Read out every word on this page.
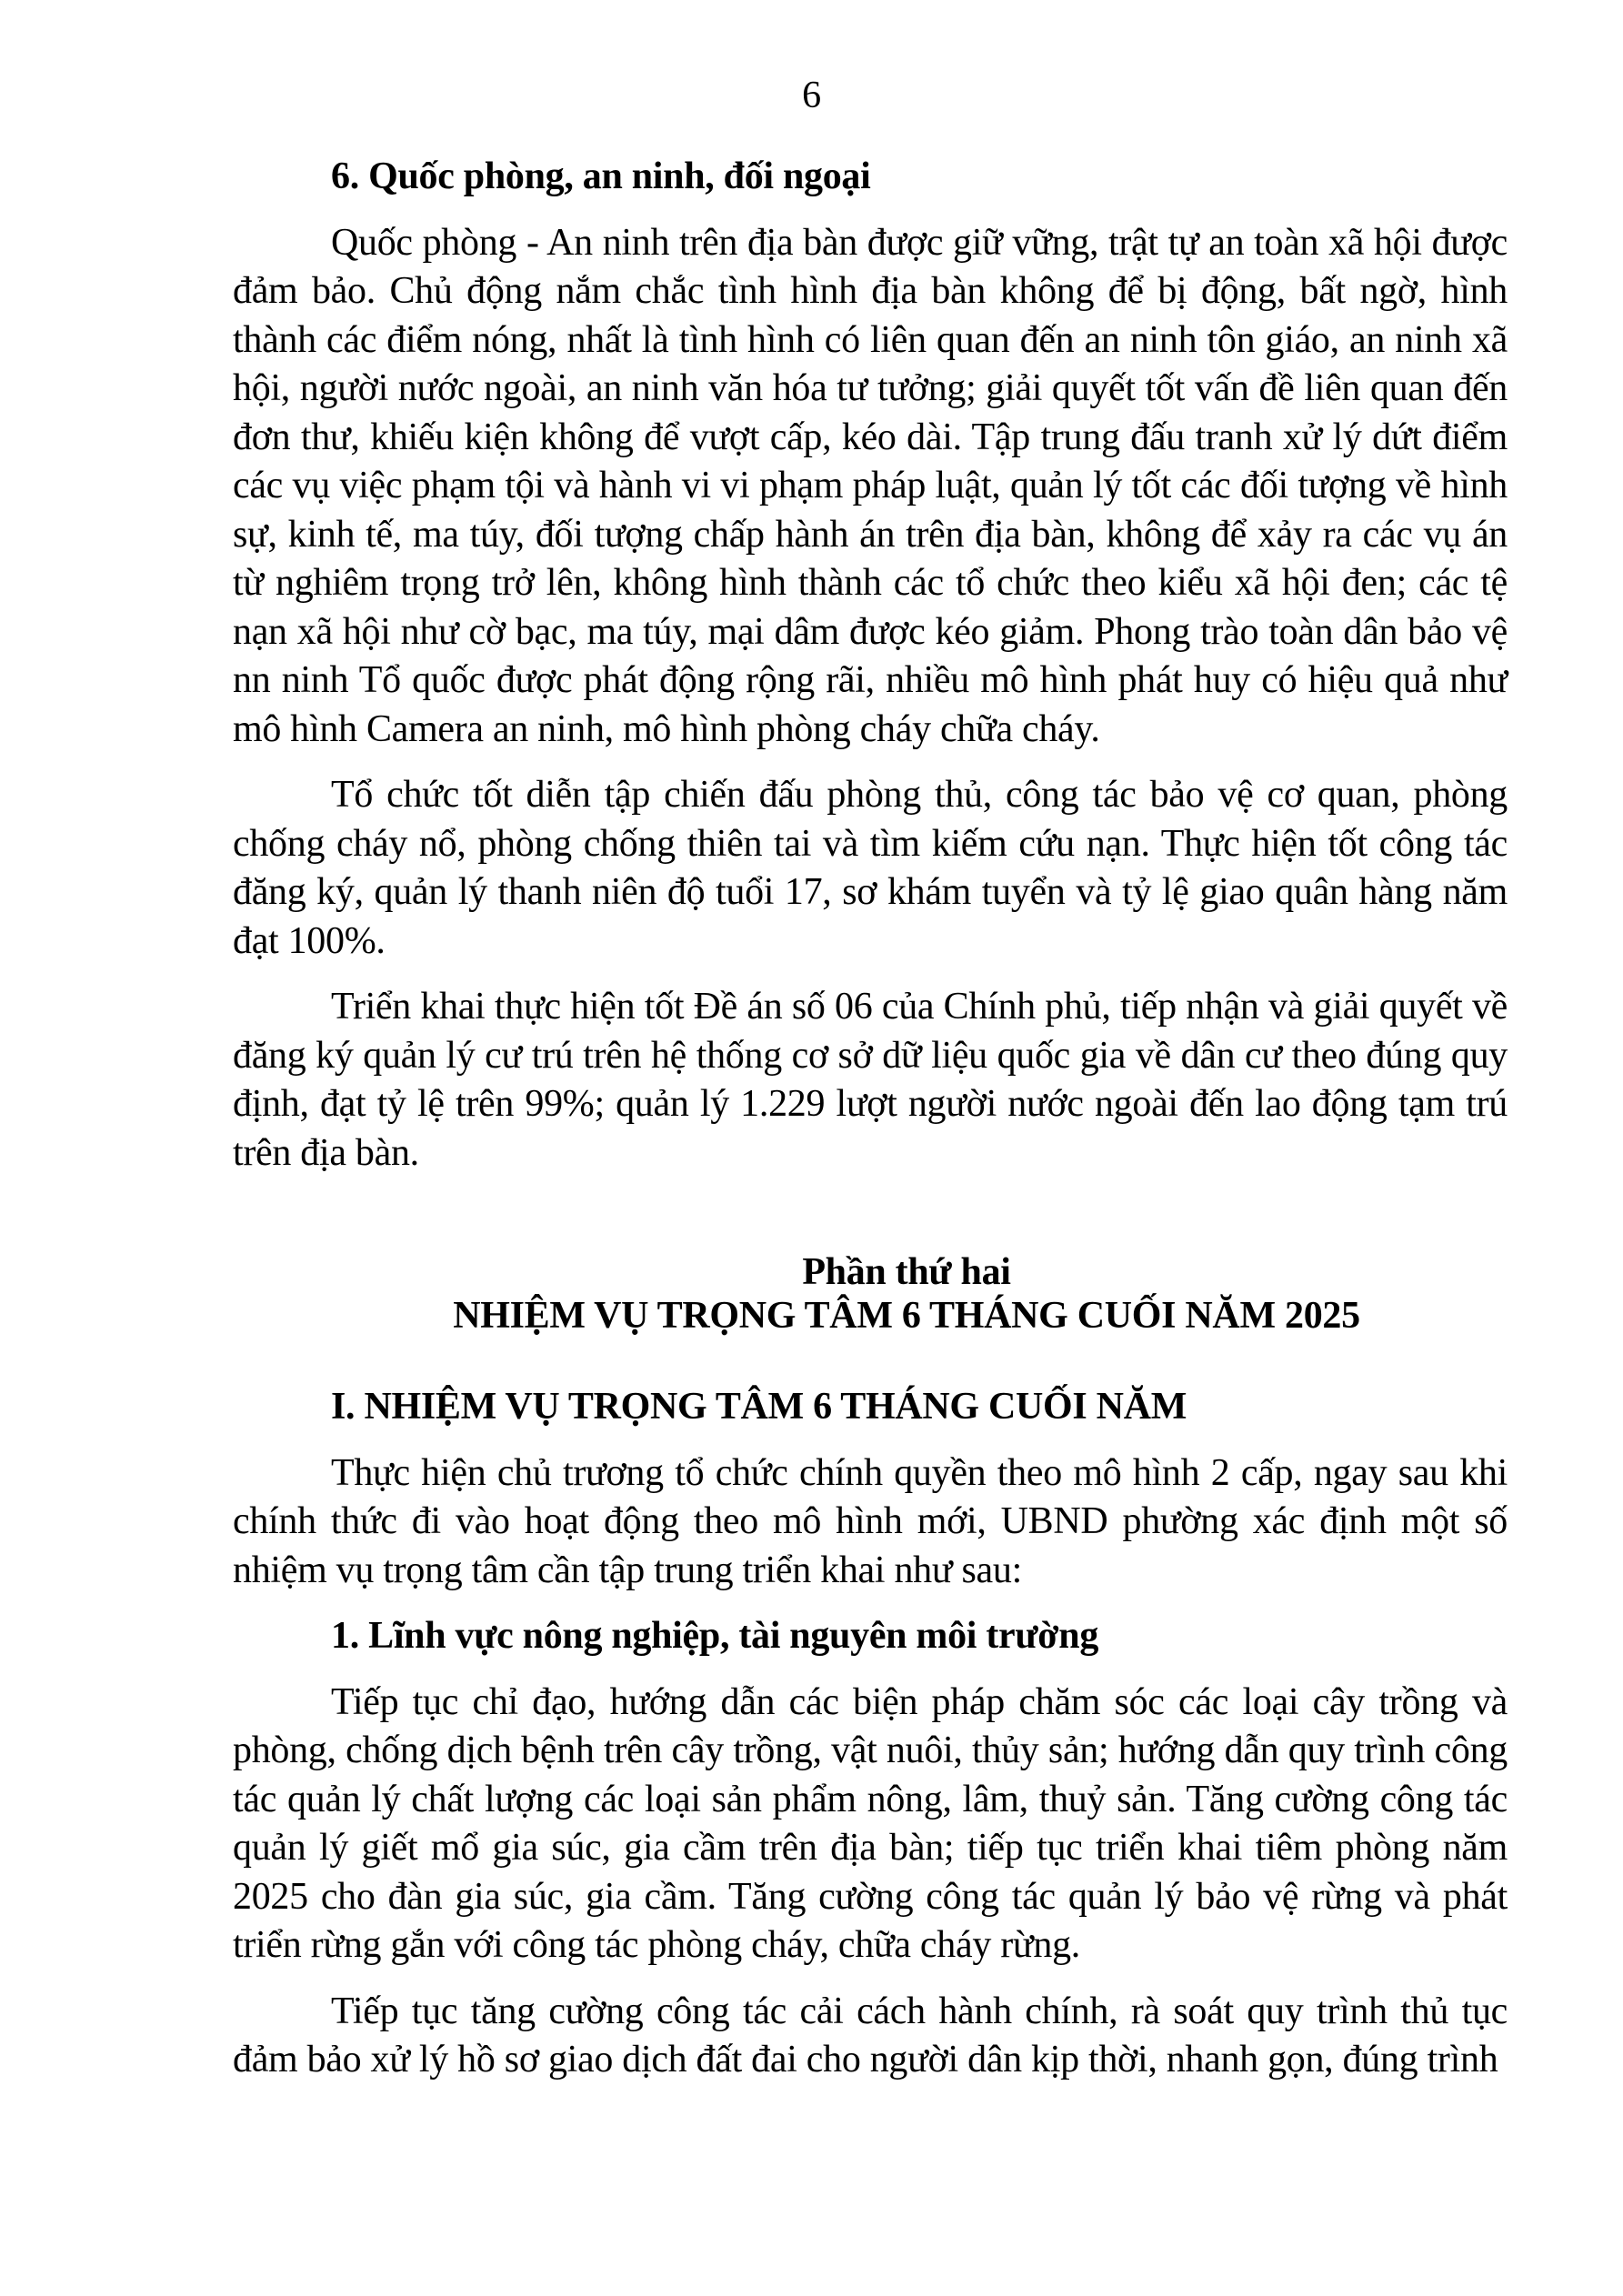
6
6. Quốc phòng, an ninh, đối ngoại

Quốc phòng - An ninh trên địa bàn được giữ vững, trật tự an toàn xã hội được đảm bảo. Chủ động nắm chắc tình hình địa bàn không để bị động, bất ngờ, hình thành các điểm nóng, nhất là tình hình có liên quan đến an ninh tôn giáo, an ninh xã hội, người nước ngoài, an ninh văn hóa tư tưởng; giải quyết tốt vấn đề liên quan đến đơn thư, khiếu kiện không để vượt cấp, kéo dài. Tập trung đấu tranh xử lý dứt điểm các vụ việc phạm tội và hành vi vi phạm pháp luật, quản lý tốt các đối tượng về hình sự, kinh tế, ma túy, đối tượng chấp hành án trên địa bàn, không để xảy ra các vụ án từ nghiêm trọng trở lên, không hình thành các tổ chức theo kiểu xã hội đen; các tệ nạn xã hội như cờ bạc, ma túy, mại dâm được kéo giảm. Phong trào toàn dân bảo vệ nn ninh Tổ quốc được phát động rộng rãi, nhiều mô hình phát huy có hiệu quả như mô hình Camera an ninh, mô hình phòng cháy chữa cháy.

Tổ chức tốt diễn tập chiến đấu phòng thủ, công tác bảo vệ cơ quan, phòng chống cháy nổ, phòng chống thiên tai và tìm kiếm cứu nạn. Thực hiện tốt công tác đăng ký, quản lý thanh niên độ tuổi 17, sơ khám tuyển và tỷ lệ giao quân hàng năm đạt 100%.

Triển khai thực hiện tốt Đề án số 06 của Chính phủ, tiếp nhận và giải quyết về đăng ký quản lý cư trú trên hệ thống cơ sở dữ liệu quốc gia về dân cư theo đúng quy định, đạt tỷ lệ trên 99%; quản lý 1.229 lượt người nước ngoài đến lao động tạm trú trên địa bàn.

Phần thứ hai
NHIỆM VỤ TRỌNG TÂM 6 THÁNG CUỐI NĂM 2025
I. NHIỆM VỤ TRỌNG TÂM 6 THÁNG CUỐI NĂM

Thực hiện chủ trương tổ chức chính quyền theo mô hình 2 cấp, ngay sau khi chính thức đi vào hoạt động theo mô hình mới, UBND phường xác định một số nhiệm vụ trọng tâm cần tập trung triển khai như sau:

1. Lĩnh vực nông nghiệp, tài nguyên môi trường

Tiếp tục chỉ đạo, hướng dẫn các biện pháp chăm sóc các loại cây trồng và phòng, chống dịch bệnh trên cây trồng, vật nuôi, thủy sản; hướng dẫn quy trình công tác quản lý chất lượng các loại sản phẩm nông, lâm, thuỷ sản. Tăng cường công tác quản lý giết mổ gia súc, gia cầm trên địa bàn; tiếp tục triển khai tiêm phòng năm 2025 cho đàn gia súc, gia cầm. Tăng cường công tác quản lý bảo vệ rừng và phát triển rừng gắn với công tác phòng cháy, chữa cháy rừng.

Tiếp tục tăng cường công tác cải cách hành chính, rà soát quy trình thủ tục đảm bảo xử lý hồ sơ giao dịch đất đai cho người dân kịp thời, nhanh gọn, đúng trình
